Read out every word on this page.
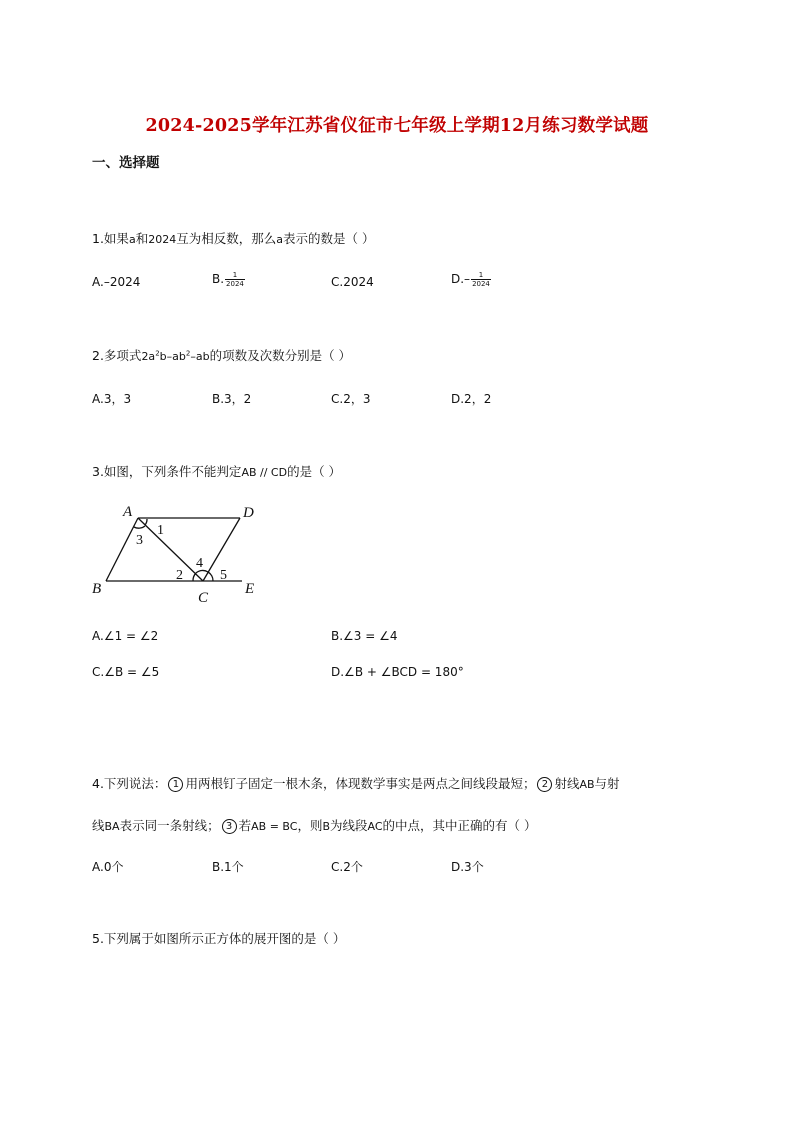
2024-2025学年江苏省仪征市七年级上学期12月练习数学试题
一、选择题
1.如果a和2024互为相反数，那么a表示的数是（ ）
A.–2024	B. $\frac{1}{2024}$	C.2024	$D.- \frac{1}{2024}$
2.多项式$2a^2b-ab^2-ab$的项数及次数分别是（ ）
A.3，3	B.3，2	C.2，3	D.2，2
3.如图，下列条件不能判定AB // CD的是（ ）
A	D
B
C
E
1
3
2
4
5
A.∠1 = ∠2	B.∠3 = ∠4
C.∠B = ∠5	D.∠B + ∠BCD = 180°
4.下列说法： 1 用两根钉子固定一根木条，体现数学事实是两点之间线段最短； 2 射线AB与射
线BA表示同一条射线； 3 若AB = BC，则B为线段AC的中点，其中正确的有（ ）
A.0个	B.1个	C.2个	D.3个
5.下列属于如图所示正方体的展开图的是（ ）
